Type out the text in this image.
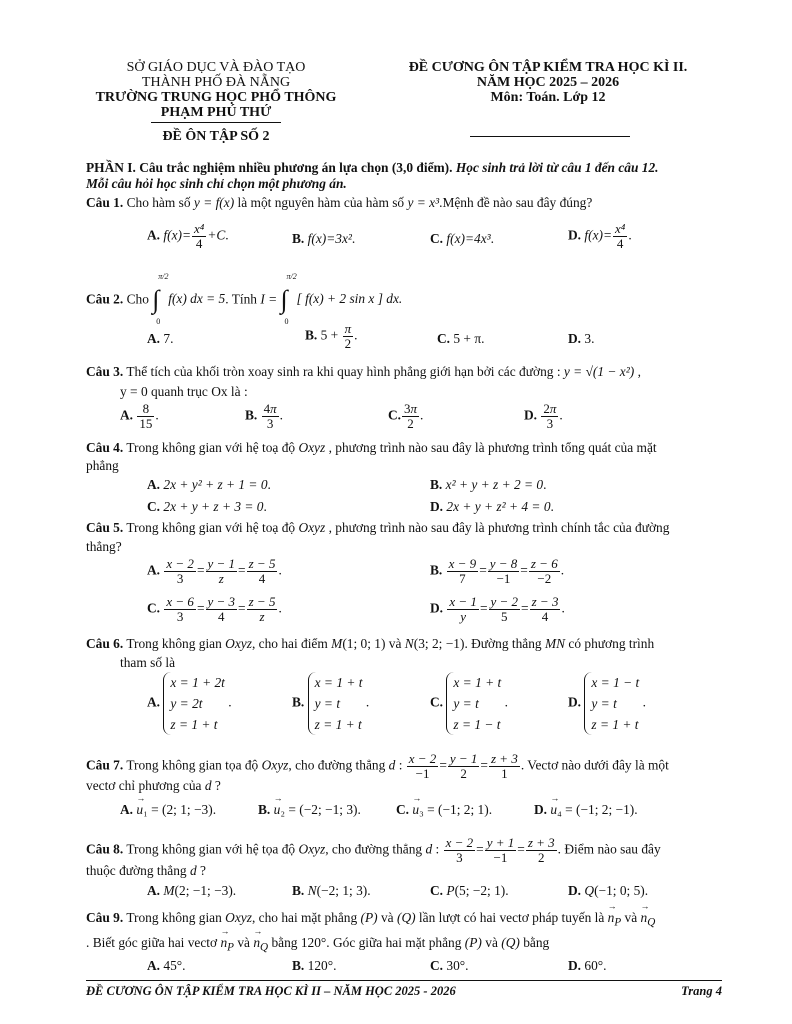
SỞ GIÁO DỤC VÀ ĐÀO TẠO
THÀNH PHỐ ĐÀ NẴNG
TRƯỜNG TRUNG HỌC PHỔ THÔNG
PHẠM PHÚ THỨ
ĐỀ ÔN TẬP SỐ 2
ĐỀ CƯƠNG ÔN TẬP KIỂM TRA HỌC KÌ II.
NĂM HỌC 2025 – 2026
Môn: Toán. Lớp 12
PHẦN I. Câu trắc nghiệm nhiều phương án lựa chọn (3,0 điểm). Học sinh trả lời từ câu 1 đến câu 12.
Mỗi câu hỏi học sinh chỉ chọn một phương án.
Câu 1. Cho hàm số y = f(x) là một nguyên hàm của hàm số y = x³.Mệnh đề nào sau đây đúng?
A. $f(x)= \frac{\text{x⁴}}{4} +C$.	B. f(x)=3x².	C. f(x)=4x³.	D. $f(x)= \frac{\text{x⁴}}{4}$ .
Câu 2. Cho ∫
π/2
0
f(x) dx = 5. Tính I = ∫
π/2
0
[ f(x) + 2 sin x ] dx.
A. 7.	B. $5 + \frac{\pi}{2}$ .	C. 5 + π.	D. 3.
Câu 3. Thể tích của khối tròn xoay sinh ra khi quay hình phẳng giới hạn bởi các đường : y = √(1 − x²) ,
y = 0 quanh trục Ox là :
A. $\frac{8}{15}$ .	B. $\frac{4\pi}{3}$ .	C. $\frac{3\pi}{2}$ .	D. $\frac{2\pi}{3}$ .
Câu 4. Trong không gian với hệ toạ độ Oxyz , phương trình nào sau đây là phương trình tổng quát của mặt
phẳng
A. 2x + y² + z + 1 = 0.	B. x² + y + z + 2 = 0.
C. 2x + y + z + 3 = 0.	D. 2x + y + z² + 4 = 0.
Câu 5. Trong không gian với hệ toạ độ Oxyz , phương trình nào sau đây là phương trình chính tắc của đường
thẳng?
A. $\frac{x - 2}{3} = \frac{y - 1}{z} = \frac{z - 5}{4}$ .	B. $\frac{x - 9}{7} = \frac{y - 8}{-1} = \frac{z - 6}{-2}$ .
C. $\frac{x - 6}{3} = \frac{y - 3}{4} = \frac{z - 5}{z}$ .	D. $\frac{x - 1}{y} = \frac{y - 2}{5} = \frac{z - 3}{4}$ .
Câu 6. Trong không gian Oxyz, cho hai điểm M(1; 0; 1) và N(3; 2; −1). Đường thẳng MN có phương trình
tham số là
A.
x = 1 + 2t
y = 2t
z = 1 + t
.	B.
x = 1 + t
y = t
z = 1 + t
.	C.
x = 1 + t
y = t
z = 1 − t
.	D.
x = 1 − t
y = t
z = 1 + t
.
Câu 7. Trong không gian tọa độ Oxyz, cho đường thẳng d : $\frac{x - 2}{-1} = \frac{y - 1}{2} = \frac{z + 3}{1}$ . Vectơ nào dưới đây là một
vectơ chỉ phương của d ?
A. → u₁ = (2; 1; −3).	B. → u₂ = (−2; −1; 3).	C. → u₃ = (−1; 2; 1).	D. → u₄ = (−1; 2; −1).
Câu 8. Trong không gian với hệ tọa độ Oxyz, cho đường thẳng d : $\frac{x - 2}{3} = \frac{y + 1}{-1} = \frac{z + 3}{2}$ . Điểm nào sau đây
thuộc đường thẳng d ?
A. M(2; −1; −3).	B. N(−2; 1; 3).	C. P(5; −2; 1).	D. Q(−1; 0; 5).
Câu 9. Trong không gian Oxyz, cho hai mặt phẳng (P) và (Q) lần lượt có hai vectơ pháp tuyến là → $n_P$ và → $n_Q$
. Biết góc giữa hai vectơ → $n_P$ và → $n_Q$ bằng 120°. Góc giữa hai mặt phẳng (P) và (Q) bằng
A. 45°.	B. 120°.	C. 30°.	D. 60°.
ĐỀ CƯƠNG ÔN TẬP KIỂM TRA HỌC KÌ II – NĂM HỌC 2025 - 2026	Trang 4
